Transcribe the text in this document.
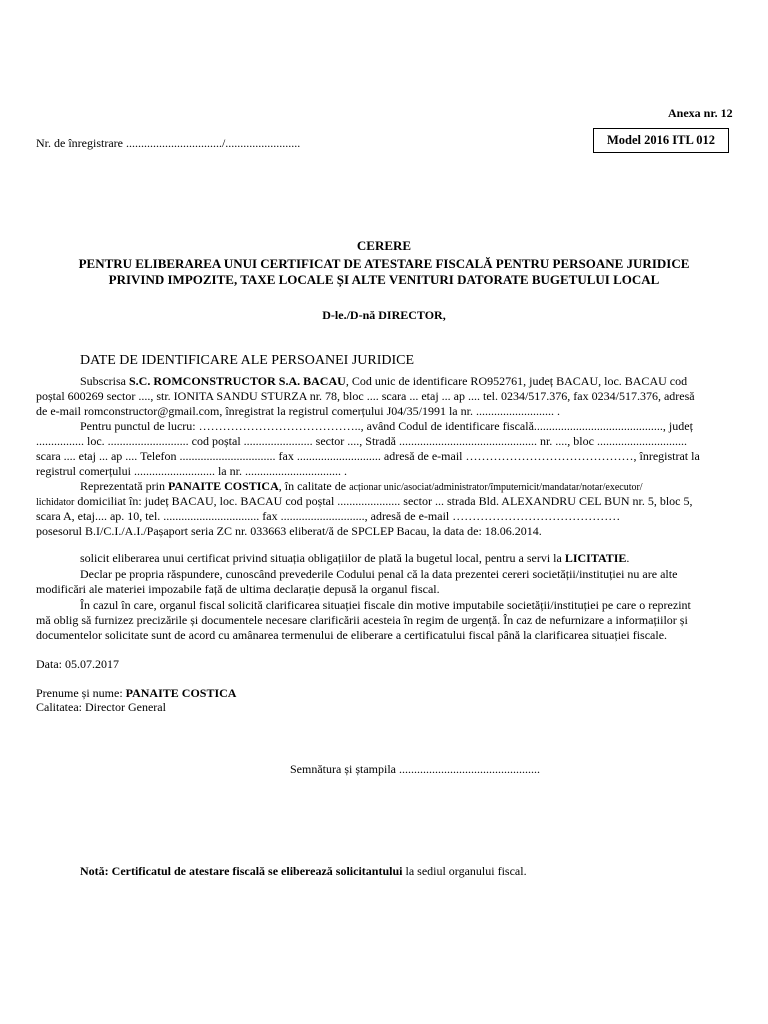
Anexa nr. 12
Nr. de înregistrare ................................/.........................	Model 2016 ITL 012
CERERE
PENTRU ELIBERAREA UNUI CERTIFICAT DE ATESTARE FISCALĂ PENTRU PERSOANE JURIDICE
PRIVIND IMPOZITE, TAXE LOCALE ȘI ALTE VENITURI DATORATE BUGETULUI LOCAL
D-le./D-nă DIRECTOR,
DATE DE IDENTIFICARE ALE PERSOANEI JURIDICE
Subscrisa S.C. ROMCONSTRUCTOR S.A. BACAU, Cod unic de identificare RO952761, județ BACAU, loc. BACAU cod
poștal 600269 sector ...., str. IONITA SANDU STURZA nr. 78, bloc .... scara ... etaj ... ap .... tel. 0234/517.376, fax 0234/517.376, adresă
de e-mail romconstructor@gmail.com, înregistrat la registrul comerțului J04/35/1991 la nr. .......................... .
Pentru punctul de lucru: ………………………………….., având Codul de identificare fiscală..........................................., județ
................ loc. ........................... cod poștal ....................... sector ...., Stradă .............................................. nr. ...., bloc ..............................
scara .... etaj ... ap .... Telefon ................................ fax ............................ adresă de e-mail ……………………………………, înregistrat la
registrul comerțului ........................... la nr. ................................ .
Reprezentată prin PANAITE COSTICA, în calitate de acționar unic/asociat/administrator/împuternicit/mandatar/notar/executor/
lichidator domiciliat în: județ BACAU, loc. BACAU cod poștal ..................... sector ... strada Bld. ALEXANDRU CEL BUN nr. 5, bloc 5,
scara A, etaj.... ap. 10, tel. ................................ fax ............................, adresă de e-mail ……………………………………
posesorul B.I/C.I./A.I./Pașaport seria ZC nr. 033663 eliberat/ă de SPCLEP Bacau, la data de: 18.06.2014.
solicit eliberarea unui certificat privind situația obligațiilor de plată la bugetul local, pentru a servi la LICITATIE.
Declar pe propria răspundere, cunoscând prevederile Codului penal că la data prezentei cereri societății/instituției nu are alte
modificări ale materiei impozabile față de ultima declarație depusă la organul fiscal.
În cazul în care, organul fiscal solicită clarificarea situației fiscale din motive imputabile societății/instituției pe care o reprezint
mă oblig să furnizez precizările și documentele necesare clarificării acesteia în regim de urgență. În caz de nefurnizare a informațiilor și
documentelor solicitate sunt de acord cu amânarea termenului de eliberare a certificatului fiscal până la clarificarea situației fiscale.
Data: 05.07.2017
Prenume și nume: PANAITE COSTICA
Calitatea: Director General
Semnătura și ștampila ...............................................
Notă: Certificatul de atestare fiscală se eliberează solicitantului la sediul organului fiscal.
